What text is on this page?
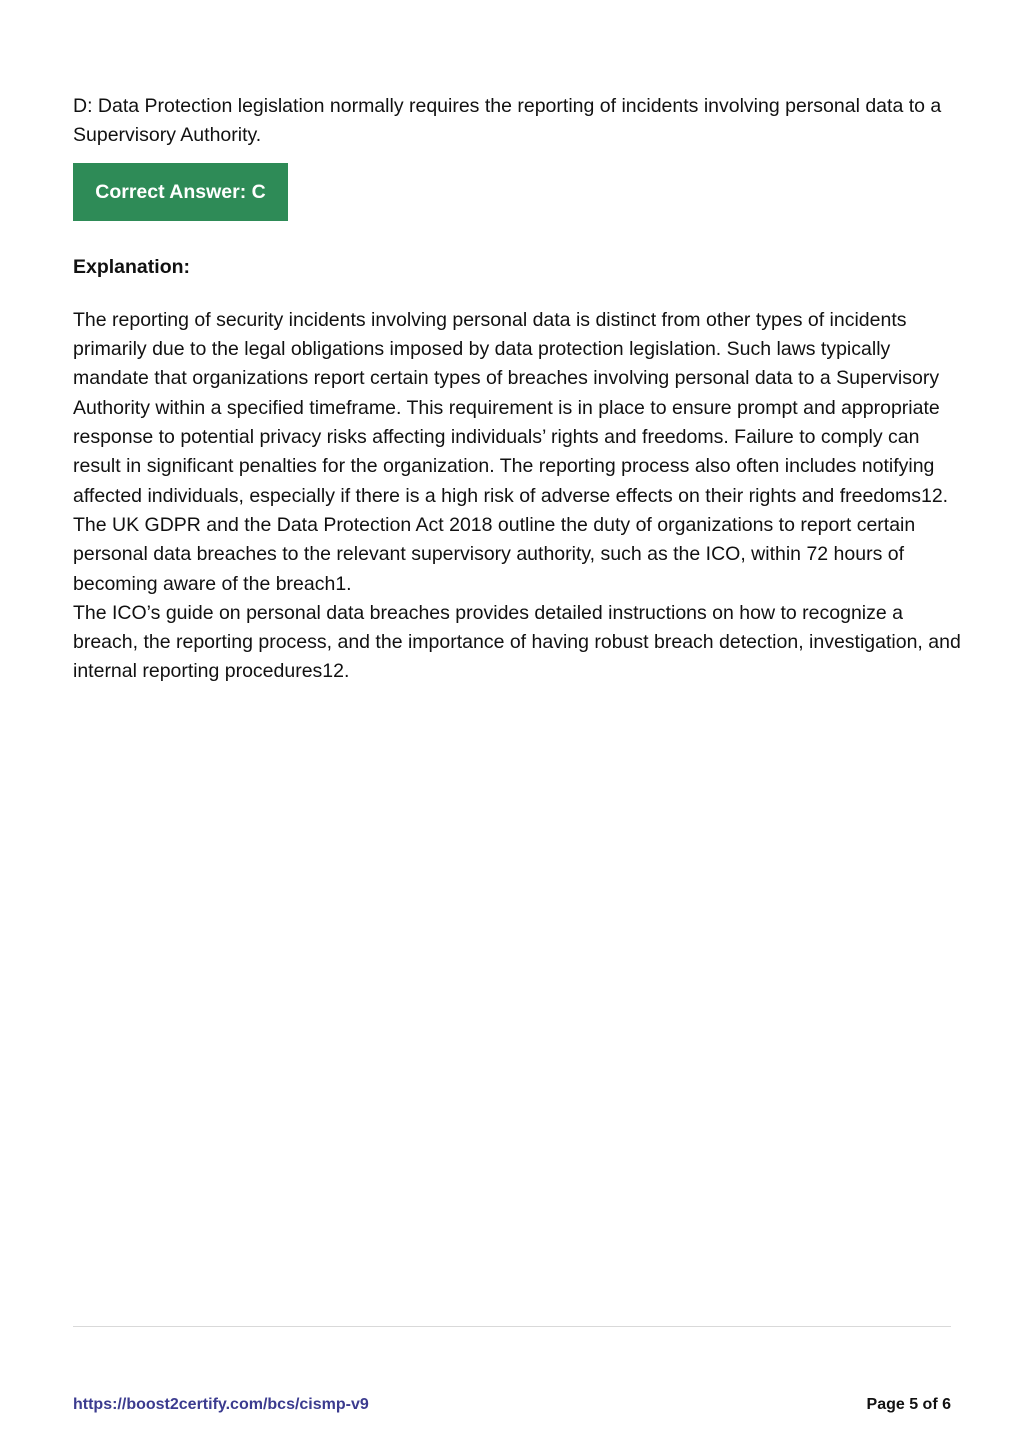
D: Data Protection legislation normally requires the reporting of incidents involving personal data to a Supervisory Authority.

Correct Answer: C

Explanation:

The reporting of security incidents involving personal data is distinct from other types of incidents primarily due to the legal obligations imposed by data protection legislation. Such laws typically mandate that organizations report certain types of breaches involving personal data to a Supervisory Authority within a specified timeframe. This requirement is in place to ensure prompt and appropriate response to potential privacy risks affecting individuals’ rights and freedoms. Failure to comply can result in significant penalties for the organization. The reporting process also often includes notifying affected individuals, especially if there is a high risk of adverse effects on their rights and freedoms12.

The UK GDPR and the Data Protection Act 2018 outline the duty of organizations to report certain personal data breaches to the relevant supervisory authority, such as the ICO, within 72 hours of becoming aware of the breach1.

The ICO’s guide on personal data breaches provides detailed instructions on how to recognize a breach, the reporting process, and the importance of having robust breach detection, investigation, and internal reporting procedures12.

https://boost2certify.com/bcs/cismp-v9	Page 5 of 6
